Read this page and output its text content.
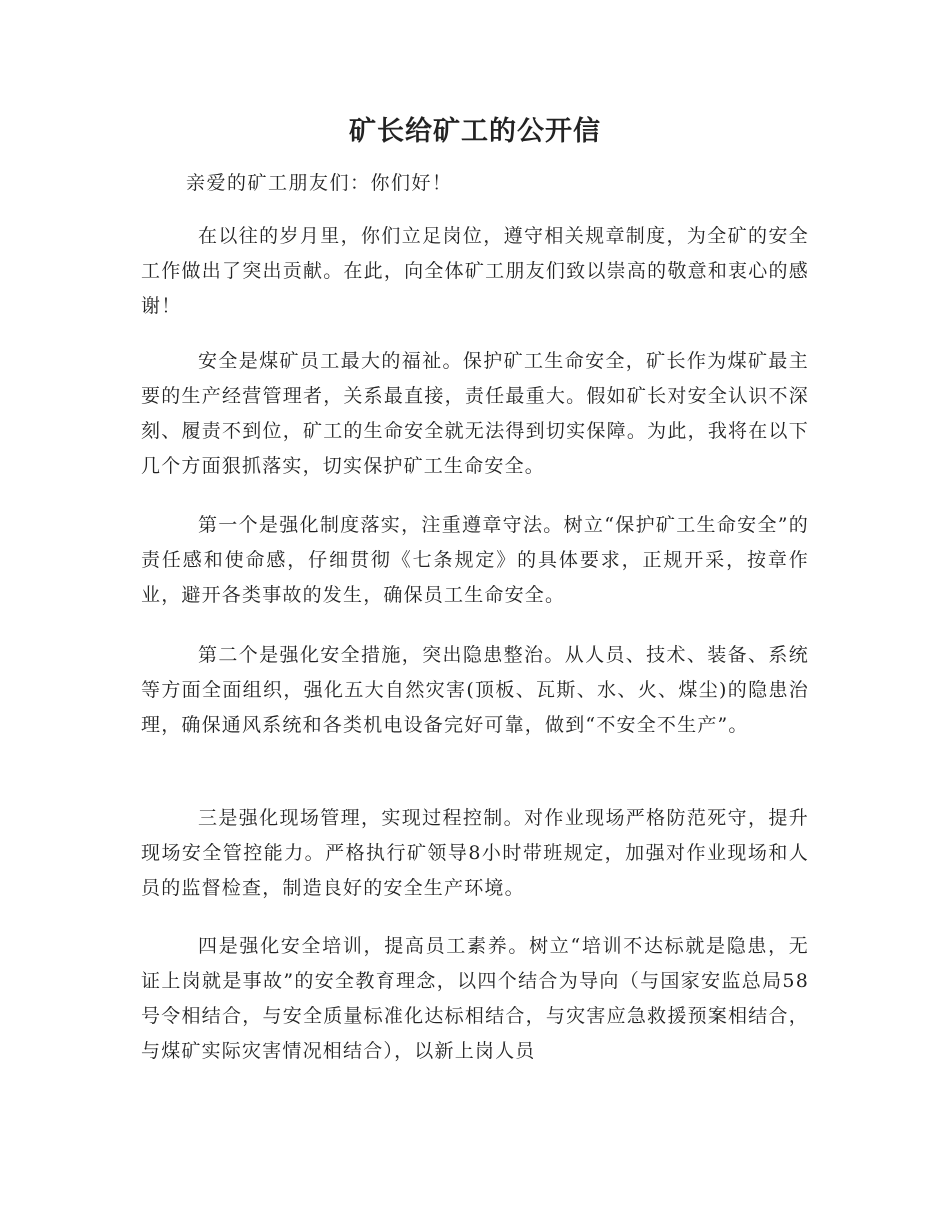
矿长给矿工的公开信

亲爱的矿工朋友们：你们好！

在以往的岁月里，你们立足岗位，遵守相关规章制度，为全矿的安全工作做出了突出贡献。在此，向全体矿工朋友们致以崇高的敬意和衷心的感谢！

安全是煤矿员工最大的福祉。保护矿工生命安全，矿长作为煤矿最主要的生产经营管理者，关系最直接，责任最重大。假如矿长对安全认识不深刻、履责不到位，矿工的生命安全就无法得到切实保障。为此，我将在以下几个方面狠抓落实，切实保护矿工生命安全。

第一个是强化制度落实，注重遵章守法。树立“保护矿工生命安全”的责任感和使命感，仔细贯彻《七条规定》的具体要求，正规开采，按章作业，避开各类事故的发生，确保员工生命安全。

第二个是强化安全措施，突出隐患整治。从人员、技术、装备、系统等方面全面组织，强化五大自然灾害(顶板、瓦斯、水、火、煤尘)的隐患治理，确保通风系统和各类机电设备完好可靠，做到“不安全不生产”。

三是强化现场管理，实现过程控制。对作业现场严格防范死守，提升现场安全管控能力。严格执行矿领导8小时带班规定，加强对作业现场和人员的监督检查，制造良好的安全生产环境。

四是强化安全培训，提高员工素养。树立“培训不达标就是隐患，无证上岗就是事故”的安全教育理念，以四个结合为导向（与国家安监总局58号令相结合，与安全质量标准化达标相结合，与灾害应急救援预案相结合，与煤矿实际灾害情况相结合），以新上岗人员
